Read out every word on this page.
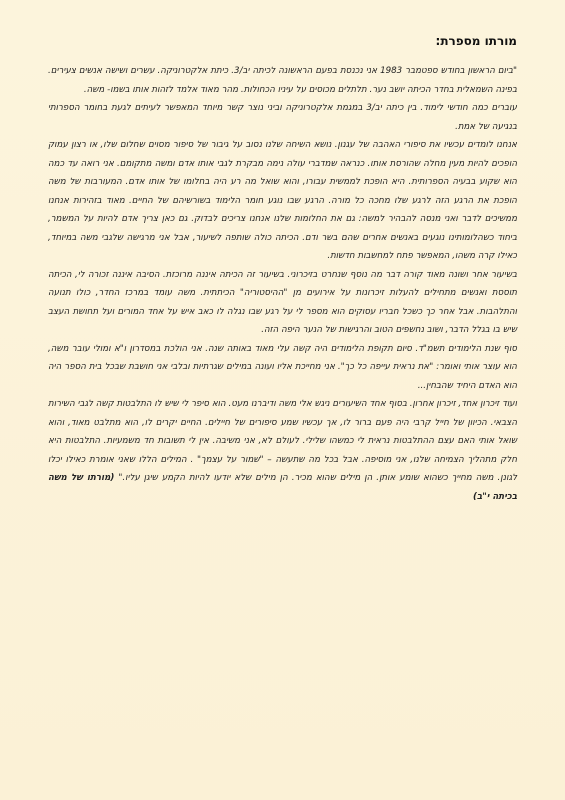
מורתו מספרת:

"ביום הראשון בחודש ספטמבר 1983 אני נכנסת בפעם הראשונה לכיתה יב/3. כיתת אלקטרוניקה. עשרים ושישה אנשים צעירים. בפינה השמאלית בחדר הכיתה יושב נער. תלתלים מכוסים על עיניו הכחולות. מהר מאוד אלמד לזהות אותו בשמו- משה.

עוברים כמה חודשי לימוד. בין כיתה יב/3 במגמת אלקטרוניקה וביני נוצר קשר מיוחד המאפשר לעיתים לגעת בחומר הספרותי בנגיעה של אמת.

אנחנו לומדים עכשיו את סיפורי האהבה של עגנון. נושא השיחה שלנו נסוב על גיבור של סיפור מסוים שחלום שלו, או רצון עמוק הופכים להיות מעין מחלה שהורסת אותו. כנראה שמדברי עולה נימה מבקרת לגבי אותו אדם ומשה מתקומם. אני רואה עד כמה הוא שקוע בבעיה הספרותית. היא הופכת לממשית עבורו, והוא שואל מה רע היה בחלומו של אותו אדם. המעורבות של משה הופכת את הרגע הזה לרגע שלו מחכה כל מורה. הרגע שבו נוגע חומר הלימוד בשורשיהם של החיים. מאוד בזהירות אנחנו ממשיכים לדבר ואני מנסה להבהיר למשה: גם את החלומות שלנו אנחנו צריכים לבדוק. גם כאן צריך אדם להיות על המשמר, ביחוד כשהלומותינו נוגעים באנשים אחרים שהם בשר ודם. הכיתה כולה שותפה לשיעור, אבל אני מרגישה שלגבי משה במיוחד, כאילו קרה משהו, המאפשר פתח למחשבות חדשות.

בשיעור אחר ושונה מאוד קורה דבר מה נוסף שנחרט בזיכרוני. בשיעור זה הכיתה איננה מרוכזת. הסיבה איננה זכורה לי, הכיתה תוססת ואנשים מתחילים להעלות זיכרונות על אירועים מן "ההיסטוריה" הכיתתית. משה עומד במרכז החדר, כולו תנועה והתלהבות. אבל אחר כך כשכל חבריו עסוקים הוא מספר לי על רגע שבו נגלה לו כאב איש על אחד המורים ועל תחושת העצב שיש בו בגלל הדבר, ושוב נחשפים הטוב והרגישות של הנער היפה הזה.

סוף שנת הלימודים תשמ"ד. סיום תקופת הלימודים היה קשה עלי מאוד באותה שנה. אני הולכת במסדרון ו"א ומולי עובר משה, הוא עוצר אותי ואומר: "את נראית עייפה כל כך". אני מחייכת אליו ועונה במילים שגרתיות ובלבי אני חושבת שבכל בית הספר היה הוא האדם היחיד שהבחין...

ועוד זיכרון אחד, זיכרון אחרון. בסוף אחד השיעורים ניגש אלי משה ודיברנו מעט. הוא סיפר לי שיש לו התלבטות קשה לגבי השירות הצבאי. הכיוון של חייל קרבי היה פעם ברור לו, אך עכשיו שמע סיפורים של חיילים. החיים יקרים לו, הוא מתלבט מאוד, והוא שואל אותי האם עצם ההתלבטות נראית לי כמשהו שלילי. לעולם לא, אני משיבה. אין לי תשובות חד משמעיות. התלבטות היא חלק מתהליך הצמיחה שלנו, אני מוסיפה. אבל בכל מה שתעשה – "שמור על עצמך" . המילים הללו שאני אומרת כאילו יכלו לגונן. משה מחייך כשהוא שומע אותן. הן מילים שהוא מכיר. הן מילים שלא יודעו להיות הקמע שיגן עליו." (מורתו של משה בכיתה י"ב)
